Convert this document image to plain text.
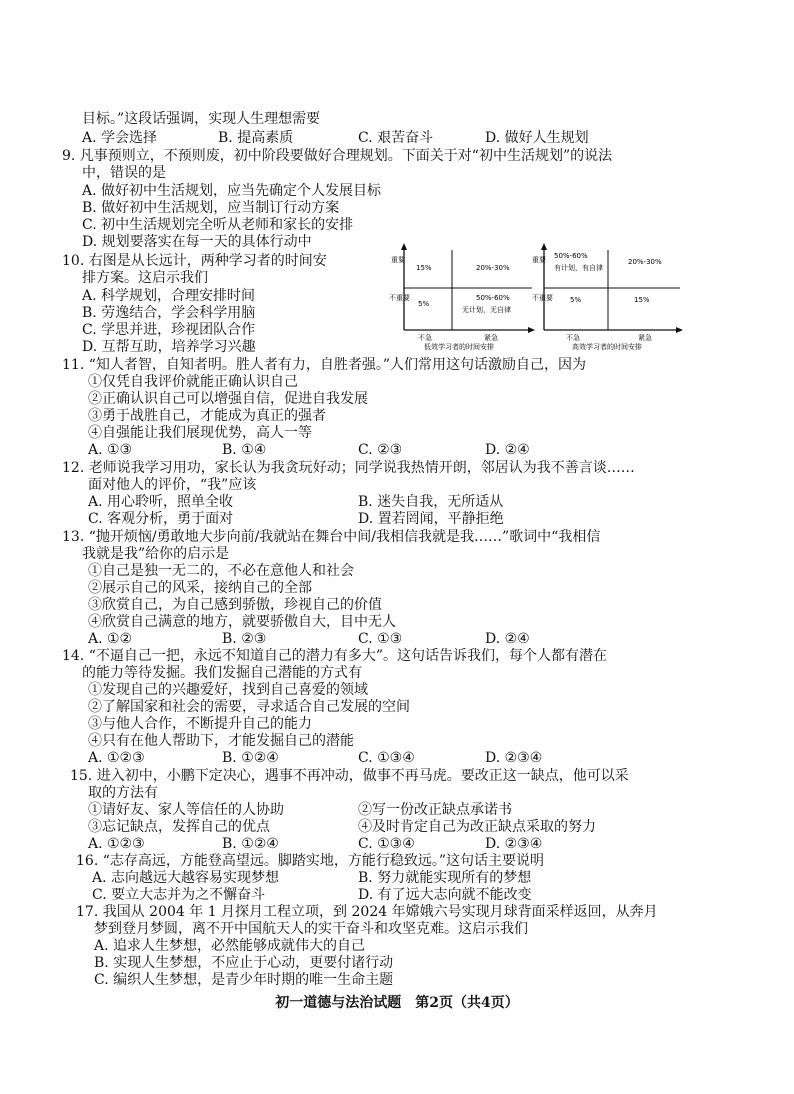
目标。”这段话强调，实现人生理想需要
A. 学会选择	B. 提高素质	C. 艰苦奋斗	D. 做好人生规划
9. 凡事预则立，不预则废，初中阶段要做好合理规划。下面关于对“初中生活规划”的说法
中，错误的是
A. 做好初中生活规划，应当先确定个人发展目标
B. 做好初中生活规划，应当制订行动方案
C. 初中生活规划完全听从老师和家长的安排
D. 规划要落实在每一天的具体行动中
10. 右图是从长远计，两种学习者的时间安
排方案。这启示我们
A. 科学规划，合理安排时间
B. 劳逸结合，学会科学用脑
C. 学思并进，珍视团队合作
D. 互帮互助，培养学习兴趣
重要
不重要
15%	20%-30%
5%
50%-60%
无计划，无自律
不急	紧急
低效学习者的时间安排
重要
不重要
50%-60%
有计划，有自律
20%-30%
5%	15%
不急	紧急
高效学习者的时间安排
11. “知人者智，自知者明。胜人者有力，自胜者强。”人们常用这句话激励自己，因为
①仅凭自我评价就能正确认识自己
②正确认识自己可以增强自信，促进自我发展
③勇于战胜自己，才能成为真正的强者
④自强能让我们展现优势，高人一等
A. ①③	B. ①④	C. ②③	D. ②④
12. 老师说我学习用功，家长认为我贪玩好动；同学说我热情开朗，邻居认为我不善言谈……
面对他人的评价，“我”应该
A. 用心聆听，照单全收	B. 迷失自我，无所适从
C. 客观分析，勇于面对	D. 置若罔闻，平静拒绝
13. “抛开烦恼/勇敢地大步向前/我就站在舞台中间/我相信我就是我……”歌词中“我相信
我就是我”给你的启示是
①自己是独一无二的，不必在意他人和社会
②展示自己的风采，接纳自己的全部
③欣赏自己，为自己感到骄傲，珍视自己的价值
④欣赏自己满意的地方，就要骄傲自大，目中无人
A. ①②	B. ②③	C. ①③	D. ②④
14. “不逼自己一把，永远不知道自己的潜力有多大”。这句话告诉我们，每个人都有潜在
的能力等待发掘。我们发掘自己潜能的方式有
①发现自己的兴趣爱好，找到自己喜爱的领域
②了解国家和社会的需要，寻求适合自己发展的空间
③与他人合作，不断提升自己的能力
④只有在他人帮助下，才能发掘自己的潜能
A. ①②③	B. ①②④	C. ①③④	D. ②③④
15. 进入初中，小鹏下定决心，遇事不再冲动，做事不再马虎。要改正这一缺点，他可以采
取的方法有
①请好友、家人等信任的人协助	②写一份改正缺点承诺书
③忘记缺点，发挥自己的优点	④及时肯定自己为改正缺点采取的努力
A. ①②③	B. ①②④	C. ①③④	D. ②③④
16. “志存高远，方能登高望远。脚踏实地，方能行稳致远。”这句话主要说明
A. 志向越远大越容易实现梦想	B. 努力就能实现所有的梦想
C. 要立大志并为之不懈奋斗	D. 有了远大志向就不能改变
17. 我国从 2004 年 1 月探月工程立项，到 2024 年嫦娥六号实现月球背面采样返回，从奔月
梦到登月梦圆，离不开中国航天人的实干奋斗和攻坚克难。这启示我们
A. 追求人生梦想，必然能够成就伟大的自己
B. 实现人生梦想，不应止于心动，更要付诸行动
C. 编织人生梦想，是青少年时期的唯一生命主题
初一道德与法治试题　第2页（共4页）
